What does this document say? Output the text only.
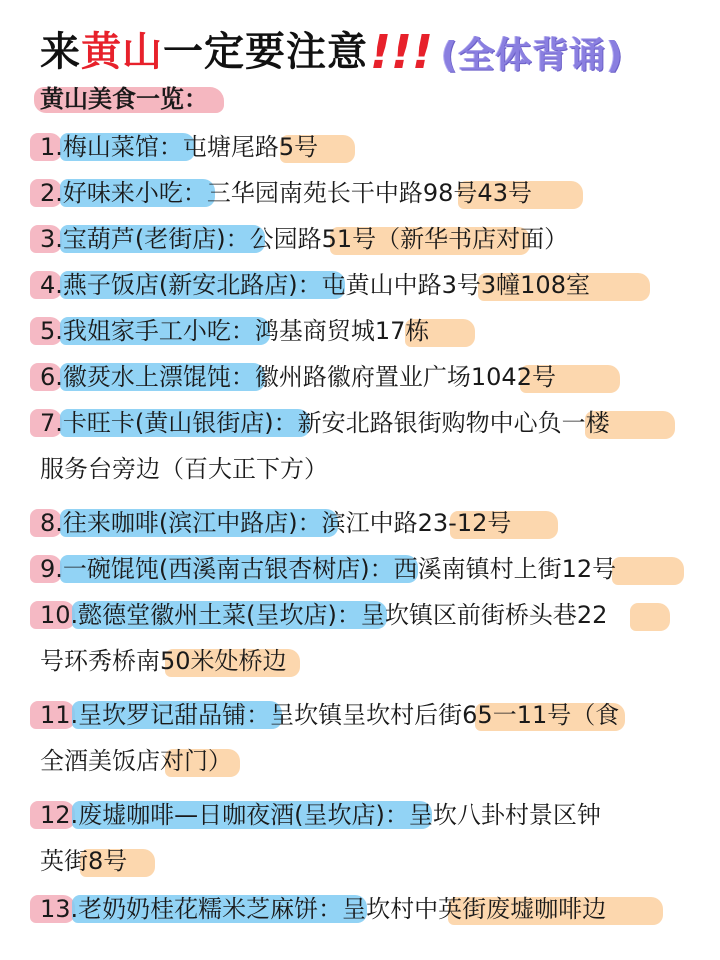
来 黄山 一定要注意 !!! (全体背诵)
黄山美食一览：
1.梅山菜馆：屯塘尾路5号
2.好味来小吃：三华园南苑长干中路98号43号
3.宝葫芦(老街店)：公园路51号（新华书店对面）
4.燕子饭店(新安北路店)：屯黄山中路3号3幢108室
5.我姐家手工小吃：鸿基商贸城17栋
6.徽烎水上漂馄饨：徽州路徽府置业广场1042号
7.卡旺卡(黄山银街店)：新安北路银街购物中心负一楼
服务台旁边（百大正下方）
8.往来咖啡(滨江中路店)：滨江中路23-12号
9.一碗馄饨(西溪南古银杏树店)：西溪南镇村上街12号
10.懿德堂徽州土菜(呈坎店)：呈坎镇区前街桥头巷22
号环秀桥南50米处桥边
11.呈坎罗记甜品铺：呈坎镇呈坎村后街65一11号（食
全酒美饭店对门）
12.废墟咖啡—日咖夜酒(呈坎店)：呈坎八卦村景区钟
英街8号
13.老奶奶桂花糯米芝麻饼：呈坎村中英街废墟咖啡边
